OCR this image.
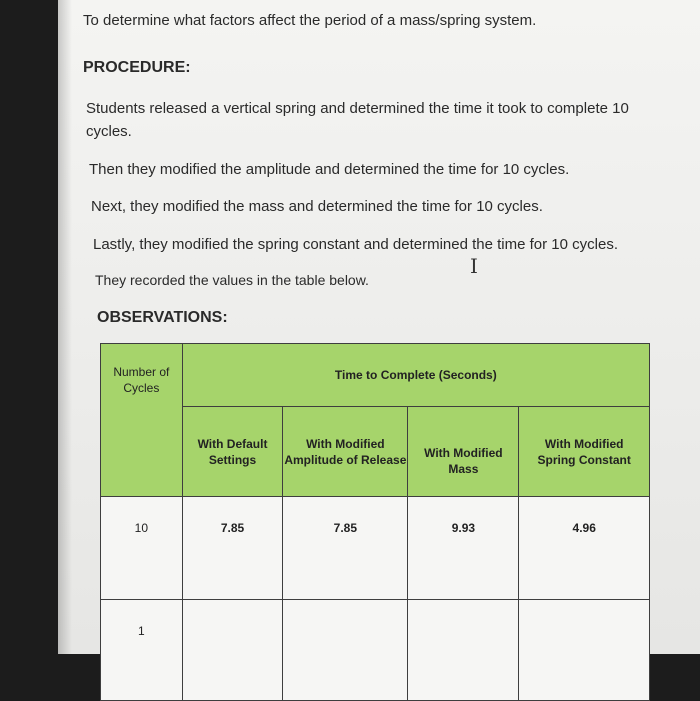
To determine what factors affect the period of a mass/spring system.
PROCEDURE:
Students released a vertical spring and determined the time it took to complete 10 cycles.
Then they modified the amplitude and determined the time for 10 cycles.
Next, they modified the mass and determined the time for 10 cycles.
Lastly, they modified the spring constant and determined the time for 10 cycles.
I
They recorded the values in the table below.
OBSERVATIONS:
Number of Cycles	Time to Complete (Seconds)			

	With Default Settings	With Modified Amplitude of Release	With Modified Mass	With Modified Spring Constant

10	7.85	7.85	9.93	4.96
1				
